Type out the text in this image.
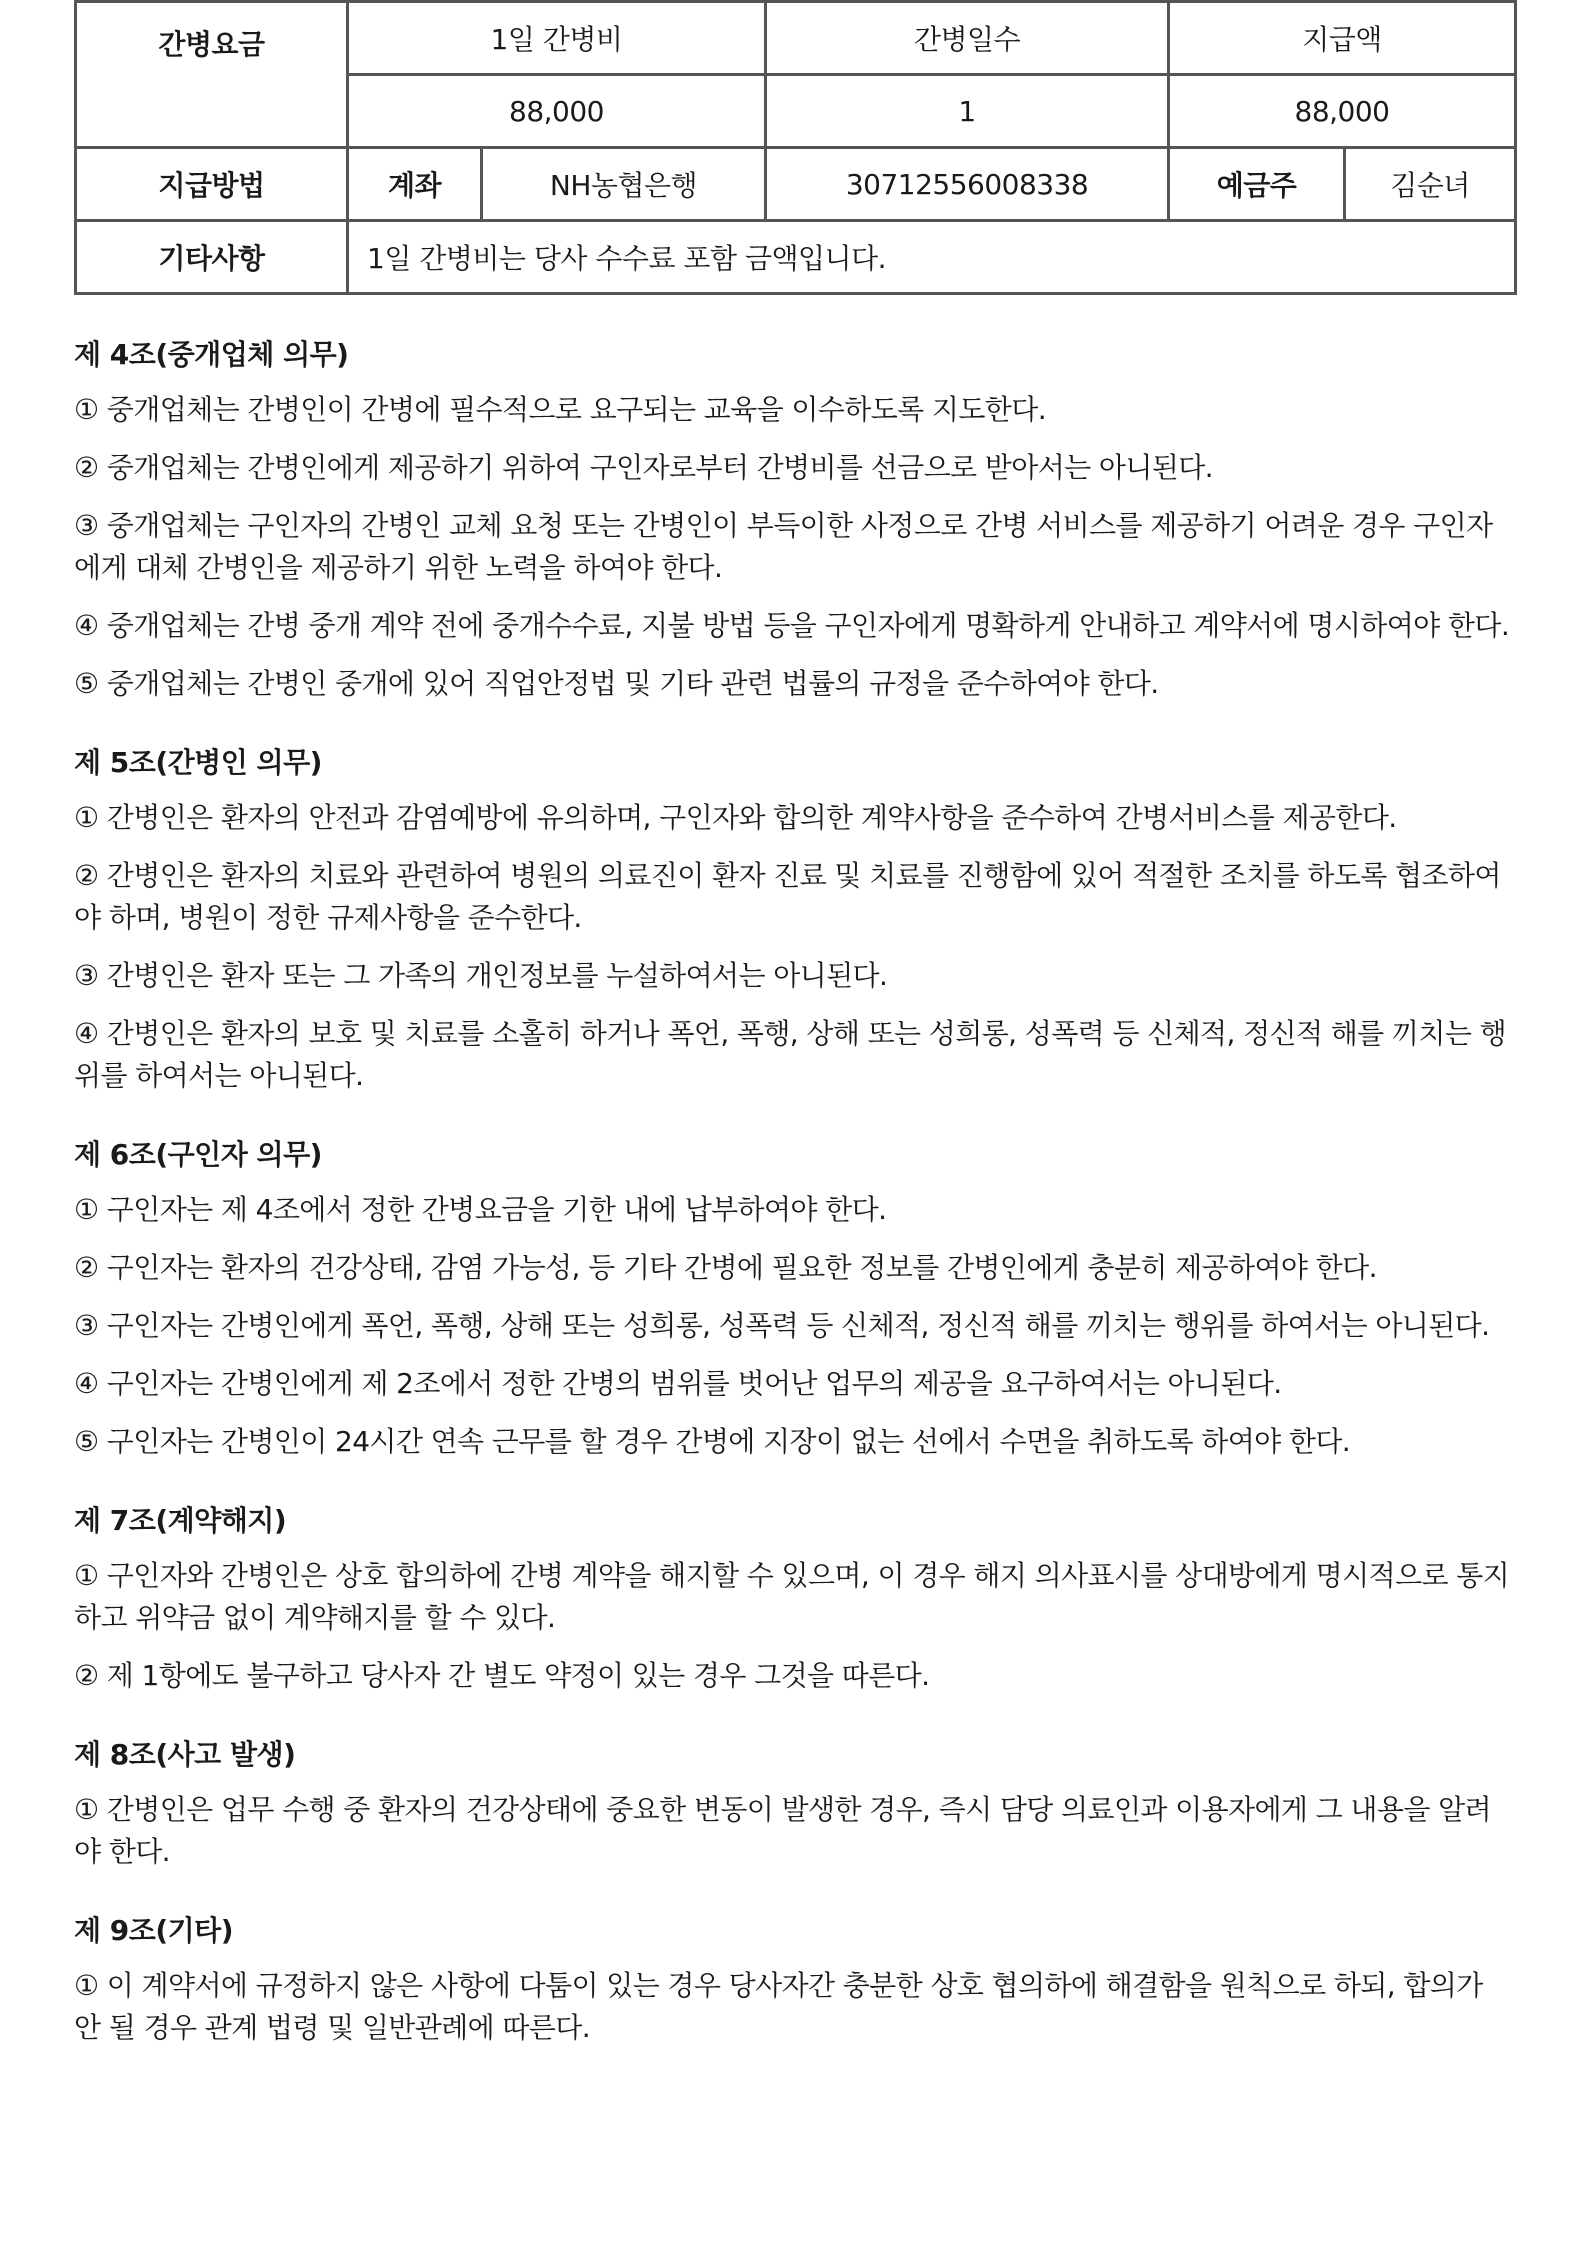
간병요금	1일 간병비		간병일수	지급액	
	88,000		1	88,000	
지급방법	계좌	NH농협은행	30712556008338	예금주	김순녀
기타사항	1일 간병비는 당사 수수료 포함 금액입니다.				
제 4조(중개업체 의무)
① 중개업체는 간병인이 간병에 필수적으로 요구되는 교육을 이수하도록 지도한다.
② 중개업체는 간병인에게 제공하기 위하여 구인자로부터 간병비를 선금으로 받아서는 아니된다.
③ 중개업체는 구인자의 간병인 교체 요청 또는 간병인이 부득이한 사정으로 간병 서비스를 제공하기 어려운 경우 구인자에게 대체 간병인을 제공하기 위한 노력을 하여야 한다.
④ 중개업체는 간병 중개 계약 전에 중개수수료, 지불 방법 등을 구인자에게 명확하게 안내하고 계약서에 명시하여야 한다.
⑤ 중개업체는 간병인 중개에 있어 직업안정법 및 기타 관련 법률의 규정을 준수하여야 한다.
제 5조(간병인 의무)
① 간병인은 환자의 안전과 감염예방에 유의하며, 구인자와 합의한 계약사항을 준수하여 간병서비스를 제공한다.
② 간병인은 환자의 치료와 관련하여 병원의 의료진이 환자 진료 및 치료를 진행함에 있어 적절한 조치를 하도록 협조하여야 하며, 병원이 정한 규제사항을 준수한다.
③ 간병인은 환자 또는 그 가족의 개인정보를 누설하여서는 아니된다.
④ 간병인은 환자의 보호 및 치료를 소홀히 하거나 폭언, 폭행, 상해 또는 성희롱, 성폭력 등 신체적, 정신적 해를 끼치는 행위를 하여서는 아니된다.
제 6조(구인자 의무)
① 구인자는 제 4조에서 정한 간병요금을 기한 내에 납부하여야 한다.
② 구인자는 환자의 건강상태, 감염 가능성, 등 기타 간병에 필요한 정보를 간병인에게 충분히 제공하여야 한다.
③ 구인자는 간병인에게 폭언, 폭행, 상해 또는 성희롱, 성폭력 등 신체적, 정신적 해를 끼치는 행위를 하여서는 아니된다.
④ 구인자는 간병인에게 제 2조에서 정한 간병의 범위를 벗어난 업무의 제공을 요구하여서는 아니된다.
⑤ 구인자는 간병인이 24시간 연속 근무를 할 경우 간병에 지장이 없는 선에서 수면을 취하도록 하여야 한다.
제 7조(계약해지)
① 구인자와 간병인은 상호 합의하에 간병 계약을 해지할 수 있으며, 이 경우 해지 의사표시를 상대방에게 명시적으로 통지하고 위약금 없이 계약해지를 할 수 있다.
② 제 1항에도 불구하고 당사자 간 별도 약정이 있는 경우 그것을 따른다.
제 8조(사고 발생)
① 간병인은 업무 수행 중 환자의 건강상태에 중요한 변동이 발생한 경우, 즉시 담당 의료인과 이용자에게 그 내용을 알려야 한다.
제 9조(기타)
① 이 계약서에 규정하지 않은 사항에 다툼이 있는 경우 당사자간 충분한 상호 협의하에 해결함을 원칙으로 하되, 합의가 안 될 경우 관계 법령 및 일반관례에 따른다.
